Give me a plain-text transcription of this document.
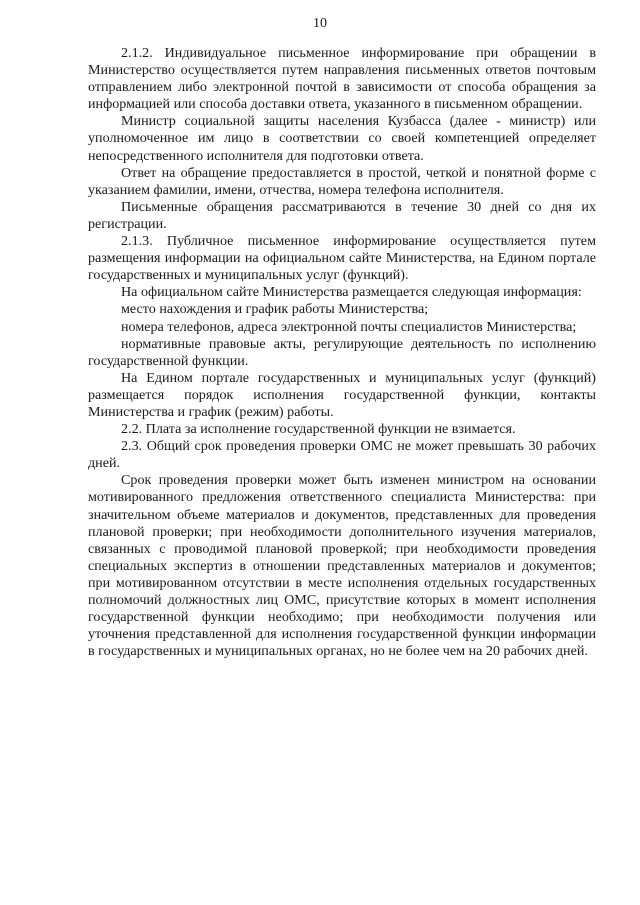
10

2.1.2. Индивидуальное письменное информирование при обращении в Министерство осуществляется путем направления письменных ответов почтовым отправлением либо электронной почтой в зависимости от способа обращения за информацией или способа доставки ответа, указанного в письменном обращении.

Министр социальной защиты населения Кузбасса (далее - министр) или уполномоченное им лицо в соответствии со своей компетенцией определяет непосредственного исполнителя для подготовки ответа.

Ответ на обращение предоставляется в простой, четкой и понятной форме с указанием фамилии, имени, отчества, номера телефона исполнителя.

Письменные обращения рассматриваются в течение 30 дней со дня их регистрации.

2.1.3. Публичное письменное информирование осуществляется путем размещения информации на официальном сайте Министерства, на Едином портале государственных и муниципальных услуг (функций).

На официальном сайте Министерства размещается следующая информация:

место нахождения и график работы Министерства;

номера телефонов, адреса электронной почты специалистов Министерства;

нормативные правовые акты, регулирующие деятельность по исполнению государственной функции.

На Едином портале государственных и муниципальных услуг (функций) размещается порядок исполнения государственной функции, контакты Министерства и график (режим) работы.

2.2. Плата за исполнение государственной функции не взимается.

2.3. Общий срок проведения проверки ОМС не может превышать 30 рабочих дней.

Срок проведения проверки может быть изменен министром на основании мотивированного предложения ответственного специалиста Министерства: при значительном объеме материалов и документов, представленных для проведения плановой проверки; при необходимости дополнительного изучения материалов, связанных с проводимой плановой проверкой; при необходимости проведения специальных экспертиз в отношении представленных материалов и документов; при мотивированном отсутствии в месте исполнения отдельных государственных полномочий должностных лиц ОМС, присутствие которых в момент исполнения государственной функции необходимо; при необходимости получения или уточнения представленной для исполнения государственной функции информации в государственных и муниципальных органах, но не более чем на 20 рабочих дней.
